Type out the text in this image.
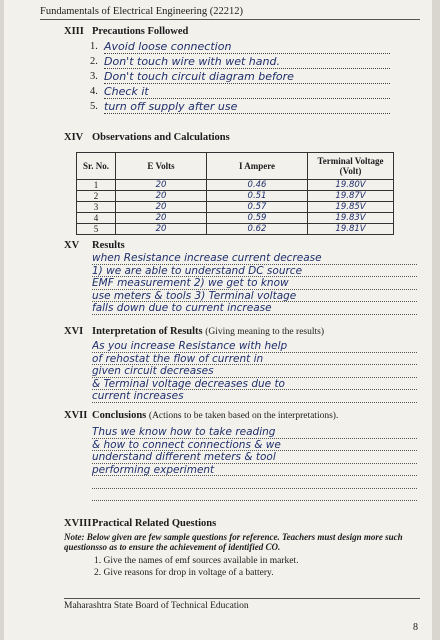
Fundamentals of Electrical Engineering (22212)
XIII Precautions Followed
1. Avoid loose connection
2. Don't touch wire with wet hand.
3. Don't touch circuit diagram before
4. Check it
5. turn off supply after use
XIV Observations and Calculations
Sr. No.	E Volts	I Ampere	Terminal Voltage (Volt)
1	20	0.46	19.80V
2	20	0.51	19.87V
3	20	0.57	19.85V
4	20	0.59	19.83V
5	20	0.62	19.81V
XV Results
when Resistance increase current decrease
1) we are able to understand DC source
EMF measurement 2) we get to know
use meters & tools 3) Terminal voltage
falls down due to current increase
XVI Interpretation of Results (Giving meaning to the results)
As you increase Resistance with help
of rehostat the flow of current in
given circuit decreases
& Terminal voltage decreases due to
current increases
XVII Conclusions (Actions to be taken based on the interpretations).
Thus we know how to take reading
& how to connect connections & we
understand different meters & tool
performing experiment
XVIIIPractical Related Questions
Note: Below given are few sample questions for reference. Teachers must design more such questionsso as to ensure the achievement of identified CO.
1. Give the names of emf sources available in market.
2. Give reasons for drop in voltage of a battery.
Maharashtra State Board of Technical Education
8
